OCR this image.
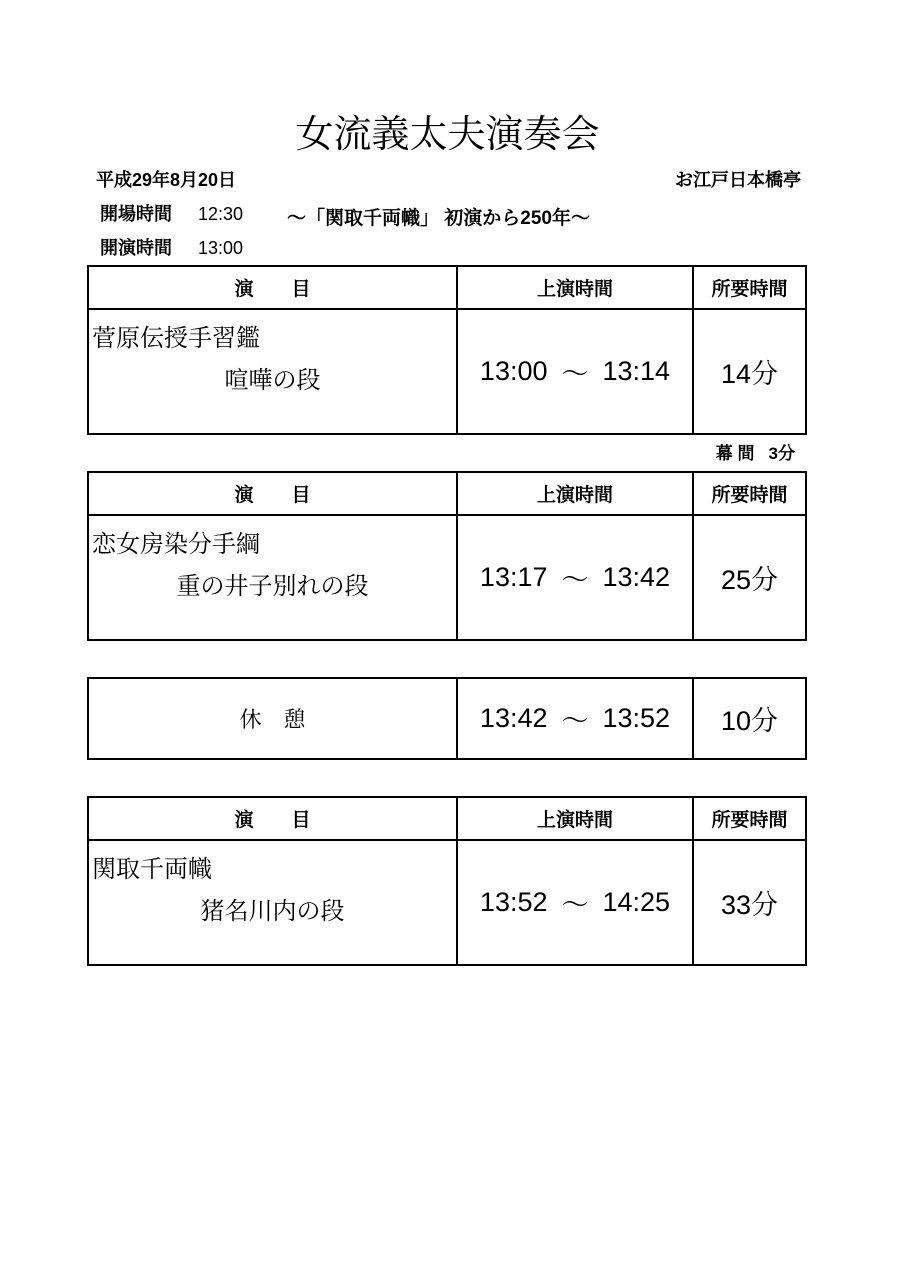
女流義太夫演奏会
平成29年8月20日	お江戸日本橋亭
開場時間 12:30
開演時間 13:00
～「関取千両幟」 初演から250年～
演　　目	上演時間	所要時間
菅原伝授手習鑑
喧嘩の段	13:00 ～ 13:14	14分
幕 間 3分
演　　目	上演時間	所要時間
恋女房染分手綱
重の井子別れの段	13:17 ～ 13:42	25分
休　憩	13:42 ～ 13:52	10分
演　　目	上演時間	所要時間
関取千両幟
猪名川内の段	13:52 ～ 14:25	33分
